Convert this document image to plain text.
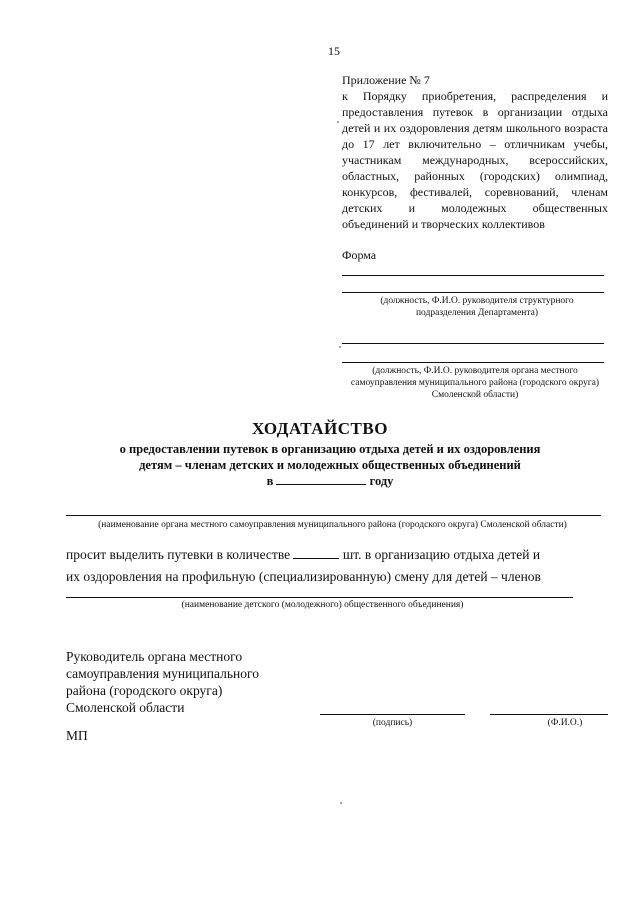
15
Приложение № 7
к Порядку приобретения, распределения и предоставления путевок в организации отдыха детей и их оздоровления детям школьного возраста до 17 лет включительно – отличникам учебы, участникам международных, всероссийских, областных, районных (городских) олимпиад, конкурсов, фестивалей, соревнований, членам детских и молодежных общественных объединений и творческих коллективов
Форма
(должность, Ф.И.О. руководителя структурного подразделения Департамента)
(должность, Ф.И.О. руководителя органа местного самоуправления муниципального района (городского округа) Смоленской области)
ХОДАТАЙСТВО
о предоставлении путевок в организацию отдыха детей и их оздоровления
детям – членам детских и молодежных общественных объединений
в	году
(наименование органа местного самоуправления муниципального района (городского округа) Смоленской области)
просит выделить путевки в количестве	шт. в организацию отдыха детей и
их оздоровления на профильную (специализированную) смену для детей – членов
(наименование детского (молодежного) общественного объединения)
Руководитель органа местного
самоуправления муниципального
района (городского округа)
Смоленской области
(подпись)	(Ф.И.О.)
МП
